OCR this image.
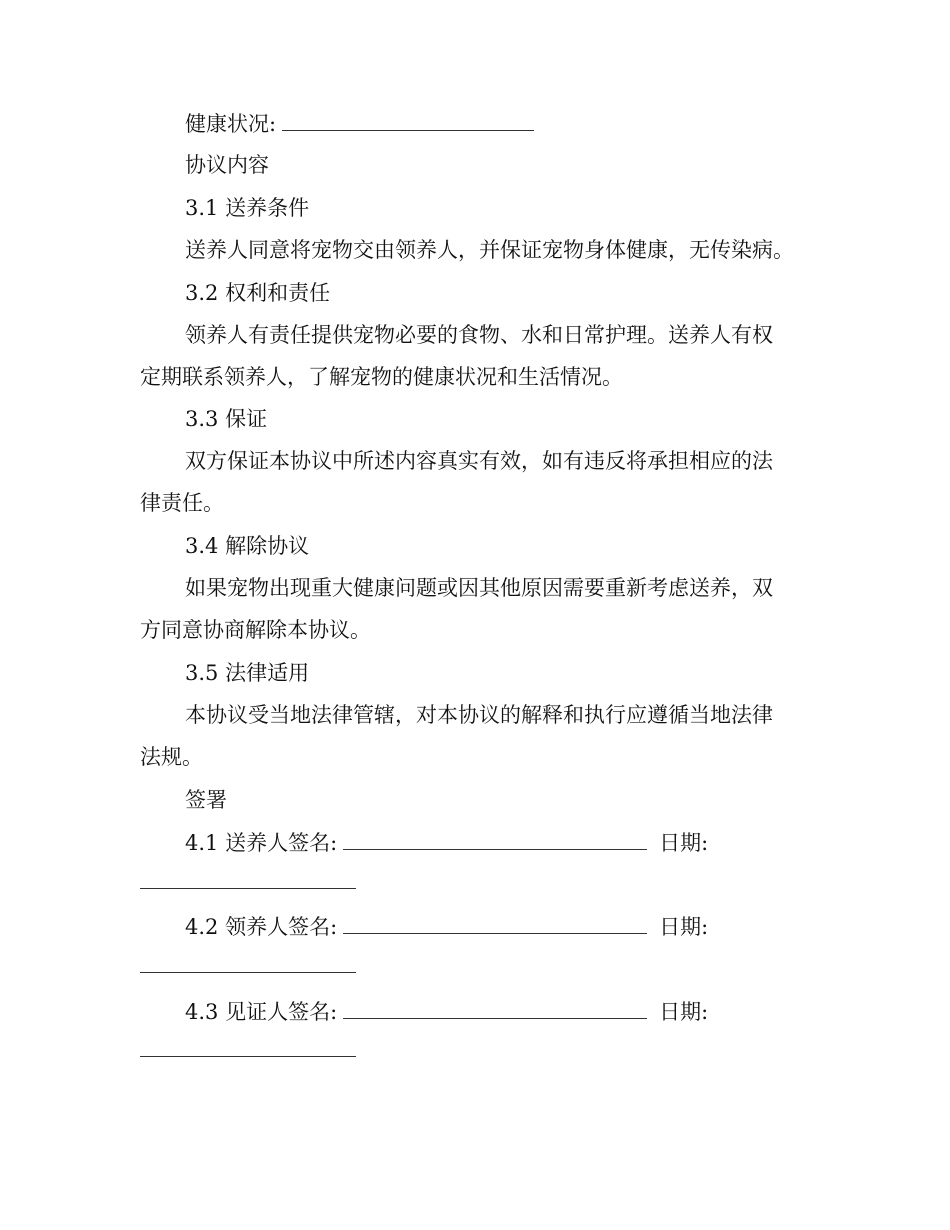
健康状况:
协议内容
3.1 送养条件
送养人同意将宠物交由领养人，并保证宠物身体健康，无传染病。
3.2 权利和责任
领养人有责任提供宠物必要的食物、水和日常护理。送养人有权
定期联系领养人，了解宠物的健康状况和生活情况。
3.3 保证
双方保证本协议中所述内容真实有效，如有违反将承担相应的法
律责任。
3.4 解除协议
如果宠物出现重大健康问题或因其他原因需要重新考虑送养，双
方同意协商解除本协议。
3.5 法律适用
本协议受当地法律管辖，对本协议的解释和执行应遵循当地法律
法规。
签署
4.1 送养人签名:	日期:
4.2 领养人签名:	日期:
4.3 见证人签名:	日期:
